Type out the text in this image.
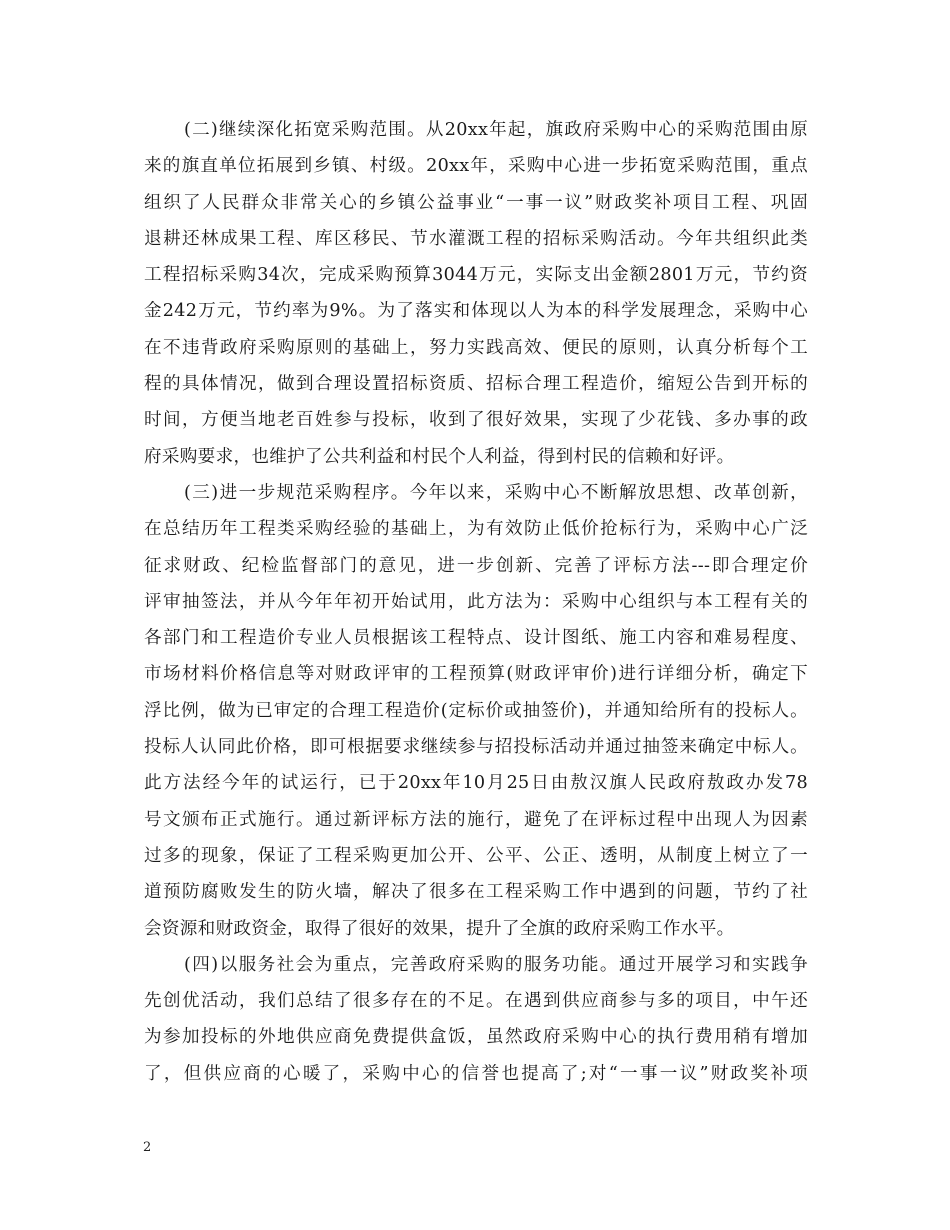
(二)继续深化拓宽采购范围。从20xx年起，旗政府采购中心的采购范围由原
来的旗直单位拓展到乡镇、村级。20xx年，采购中心进一步拓宽采购范围，重点
组织了人民群众非常关心的乡镇公益事业“一事一议”财政奖补项目工程、巩固
退耕还林成果工程、库区移民、节水灌溉工程的招标采购活动。今年共组织此类
工程招标采购34次，完成采购预算3044万元，实际支出金额2801万元，节约资
金242万元，节约率为9%。为了落实和体现以人为本的科学发展理念，采购中心
在不违背政府采购原则的基础上，努力实践高效、便民的原则，认真分析每个工
程的具体情况，做到合理设置招标资质、招标合理工程造价，缩短公告到开标的
时间，方便当地老百姓参与投标，收到了很好效果，实现了少花钱、多办事的政
府采购要求，也维护了公共利益和村民个人利益，得到村民的信赖和好评。
(三)进一步规范采购程序。今年以来，采购中心不断解放思想、改革创新，
在总结历年工程类采购经验的基础上，为有效防止低价抢标行为，采购中心广泛
征求财政、纪检监督部门的意见，进一步创新、完善了评标方法---即合理定价
评审抽签法，并从今年年初开始试用，此方法为：采购中心组织与本工程有关的
各部门和工程造价专业人员根据该工程特点、设计图纸、施工内容和难易程度、
市场材料价格信息等对财政评审的工程预算(财政评审价)进行详细分析，确定下
浮比例，做为已审定的合理工程造价(定标价或抽签价)，并通知给所有的投标人。
投标人认同此价格，即可根据要求继续参与招投标活动并通过抽签来确定中标人。
此方法经今年的试运行，已于20xx年10月25日由敖汉旗人民政府敖政办发78
号文颁布正式施行。通过新评标方法的施行，避免了在评标过程中出现人为因素
过多的现象，保证了工程采购更加公开、公平、公正、透明，从制度上树立了一
道预防腐败发生的防火墙，解决了很多在工程采购工作中遇到的问题，节约了社
会资源和财政资金，取得了很好的效果，提升了全旗的政府采购工作水平。
(四)以服务社会为重点，完善政府采购的服务功能。通过开展学习和实践争
先创优活动，我们总结了很多存在的不足。在遇到供应商参与多的项目，中午还
为参加投标的外地供应商免费提供盒饭，虽然政府采购中心的执行费用稍有增加
了，但供应商的心暖了，采购中心的信誉也提高了;对“一事一议”财政奖补项
2
